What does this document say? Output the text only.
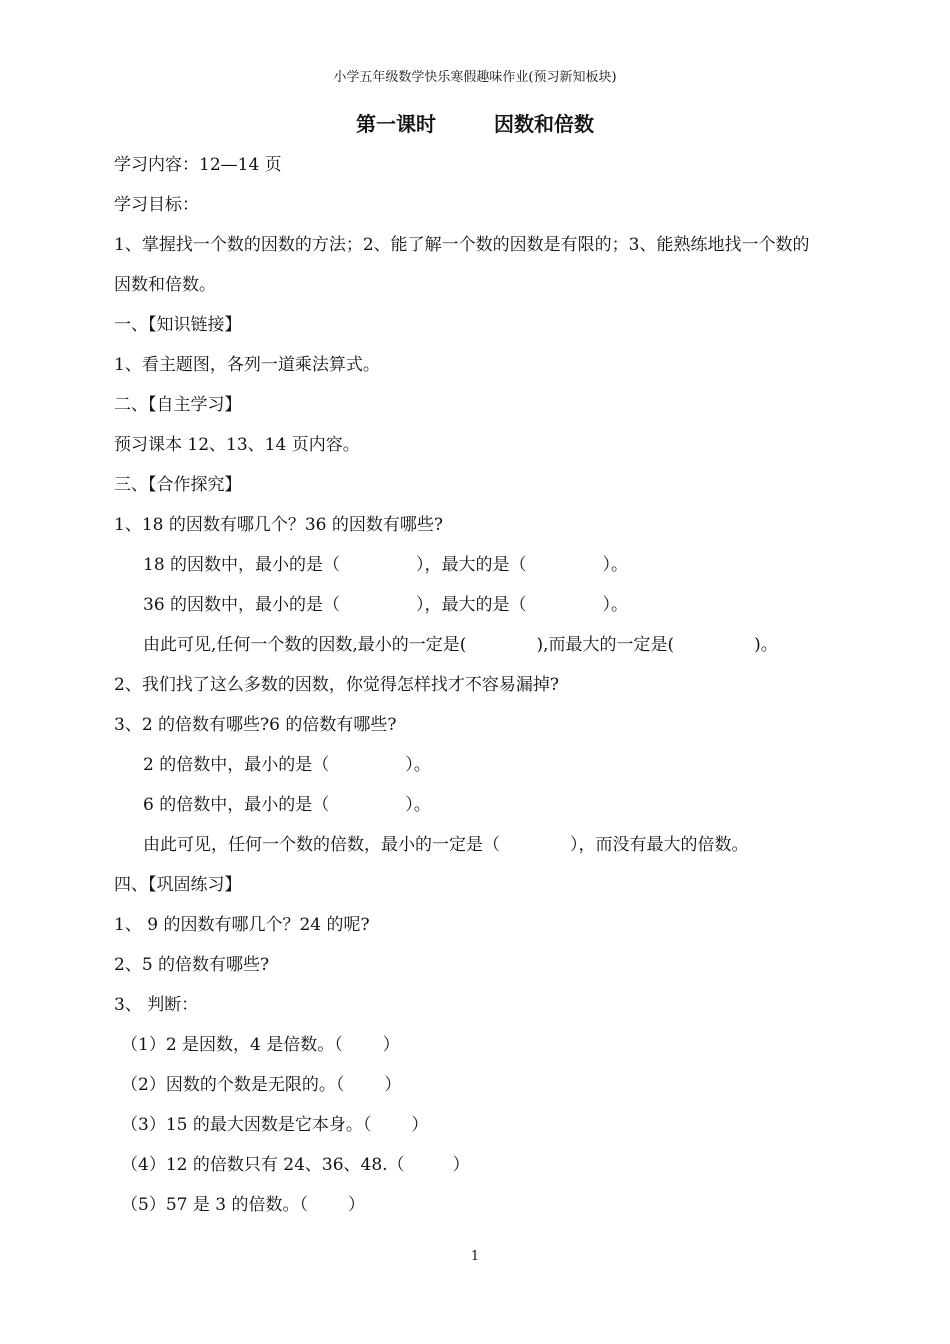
小学五年级数学快乐寒假趣味作业(预习新知板块)
第一课时	因数和倍数
学习内容：12—14 页
学习目标：
1、掌握找一个数的因数的方法；2、能了解一个数的因数是有限的；3、能熟练地找一个数的
因数和倍数。
一、【知识链接】
1、看主题图，各列一道乘法算式。
二、【自主学习】
预习课本 12、13、14 页内容。
三、【合作探究】
1、18 的因数有哪几个？36 的因数有哪些?
18 的因数中，最小的是（	），最大的是（	）。
36 的因数中，最小的是（	），最大的是（	）。
由此可见,任何一个数的因数,最小的一定是(	),而最大的一定是(	)。
2、我们找了这么多数的因数，你觉得怎样找才不容易漏掉?
3、2 的倍数有哪些?6 的倍数有哪些?
2 的倍数中，最小的是（	）。
6 的倍数中，最小的是（	）。
由此可见，任何一个数的倍数，最小的一定是（	），而没有最大的倍数。
四、【巩固练习】
1、 9 的因数有哪几个？24 的呢?
2、5 的倍数有哪些?
3、 判断：
（1）2 是因数，4 是倍数。（ ）
（2）因数的个数是无限的。（ ）
（3）15 的最大因数是它本身。（ ）
（4）12 的倍数只有 24、36、48.（	）
（5）57 是 3 的倍数。（ ）
1
